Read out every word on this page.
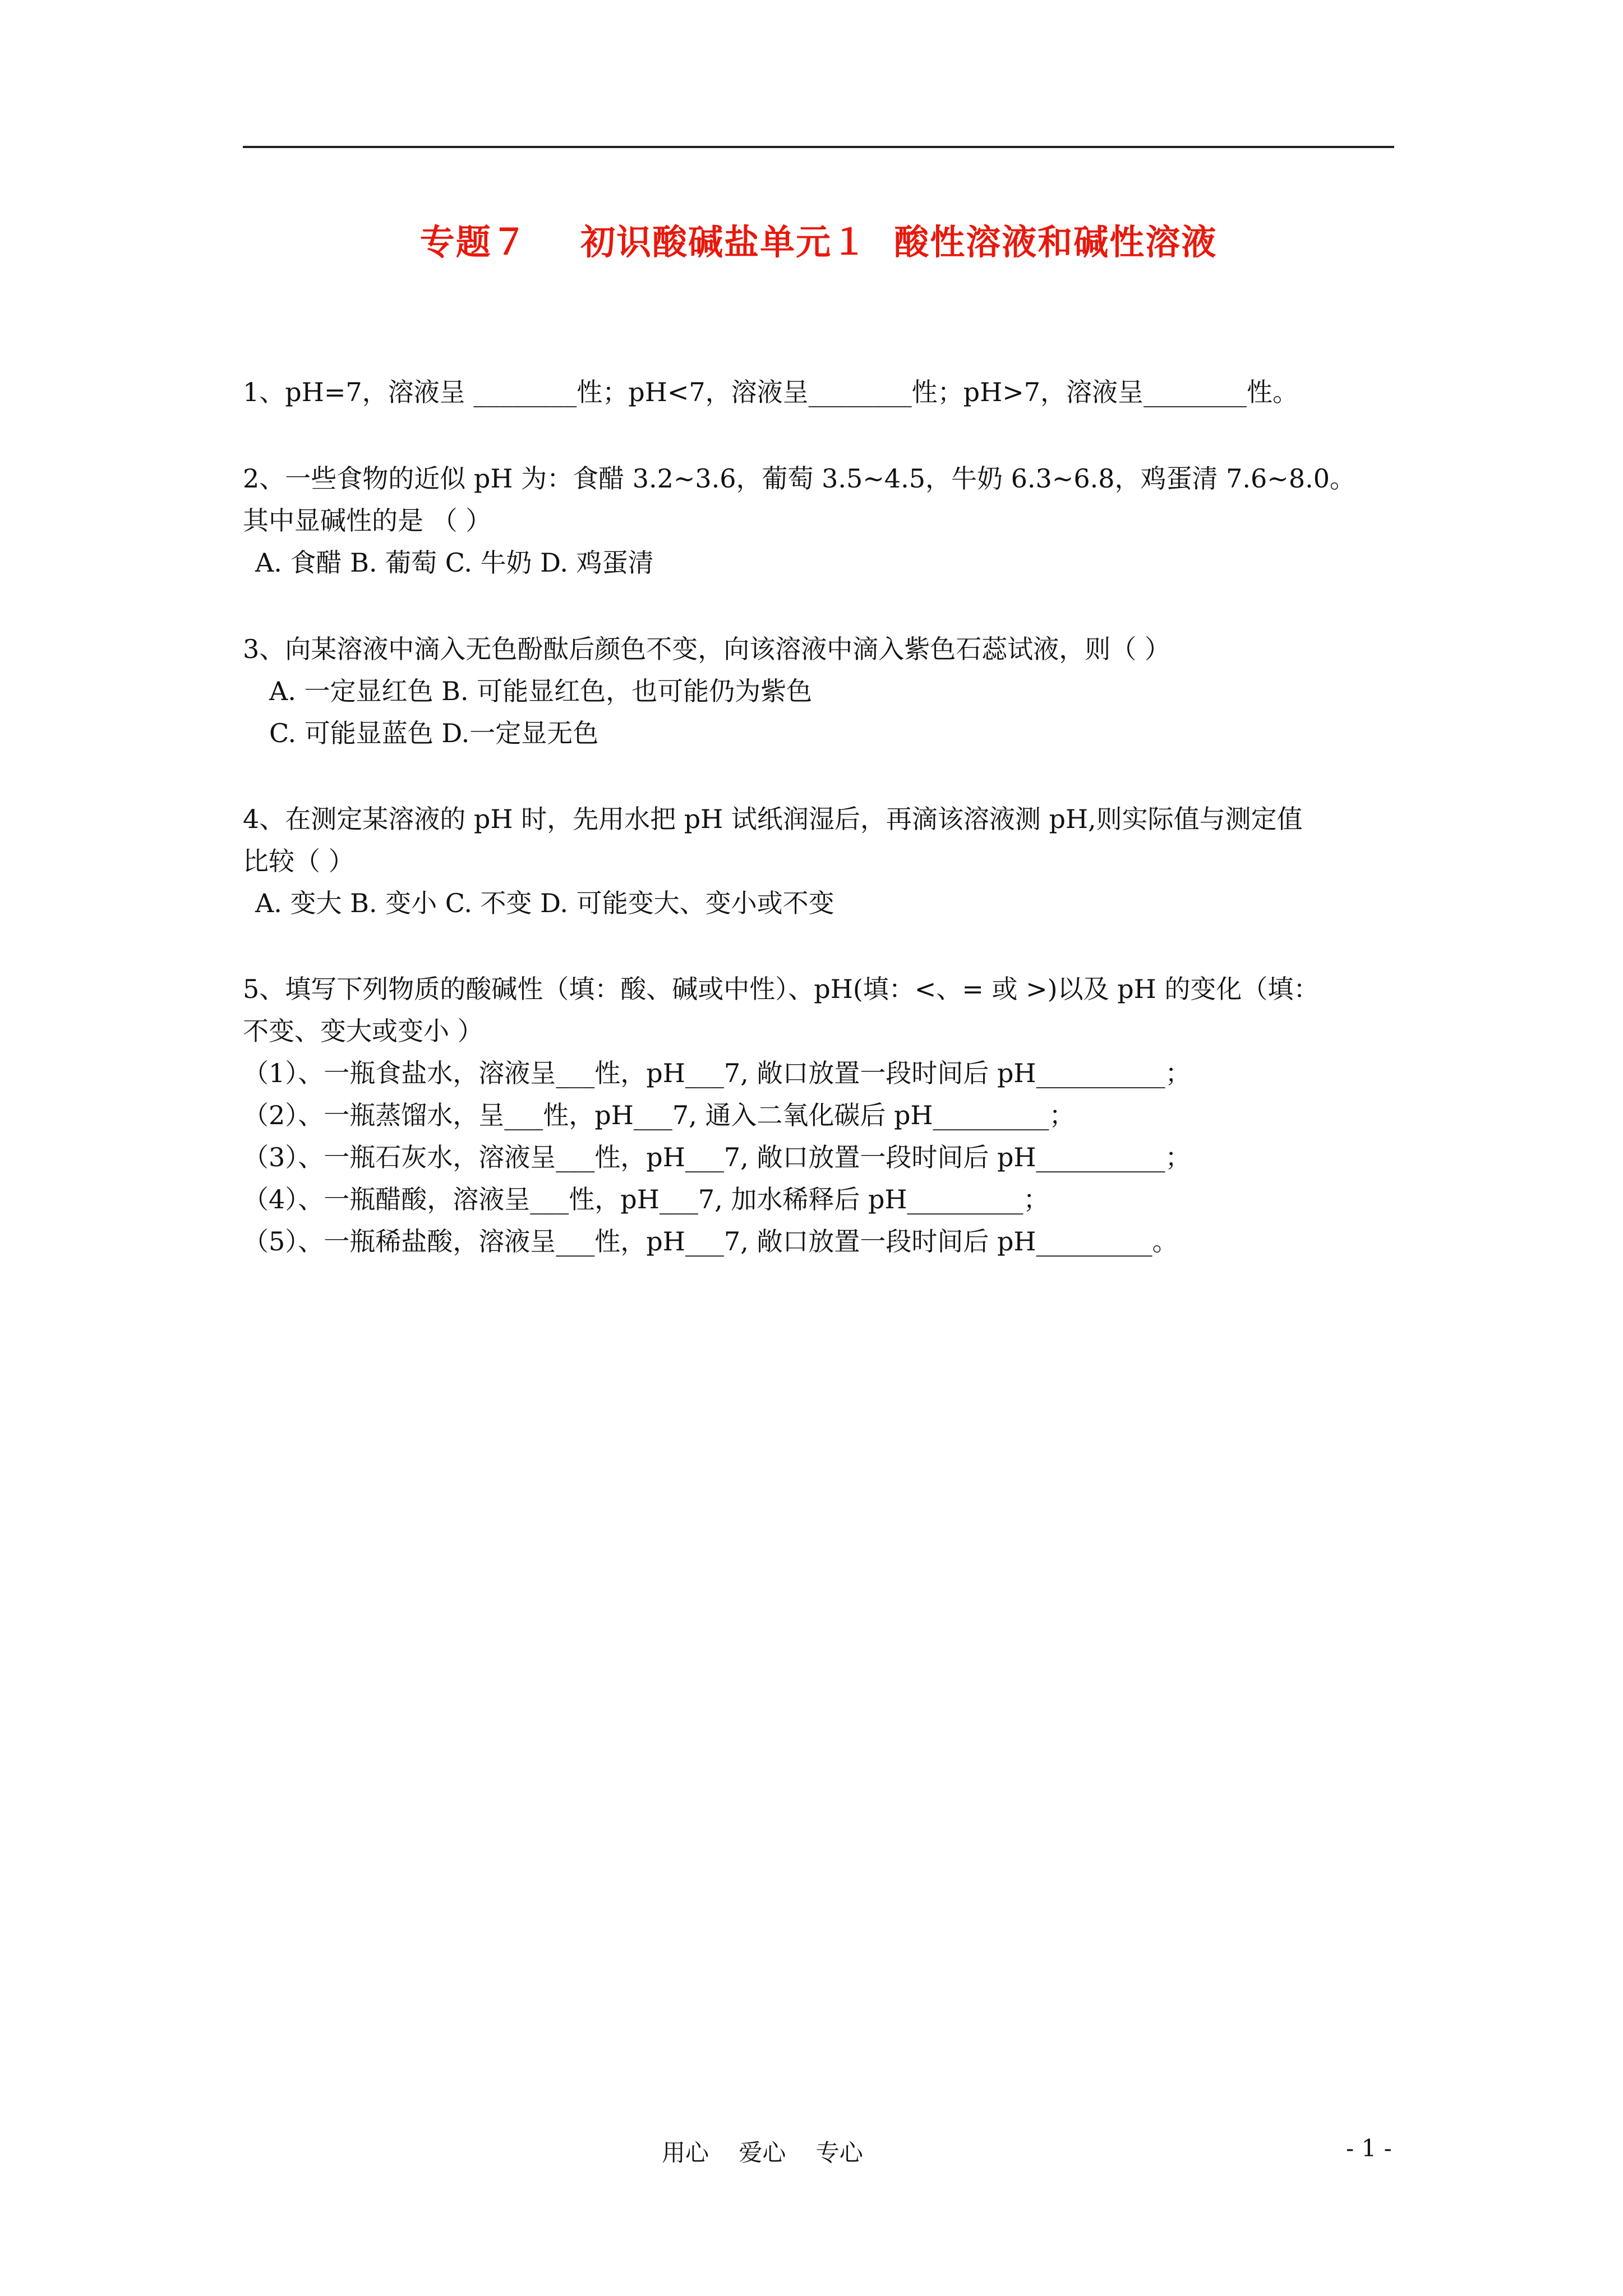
专题７    初识酸碱盐单元１  酸性溶液和碱性溶液
1、pH=7，溶液呈 ________性；pH<7，溶液呈________性；pH>7，溶液呈________性。
2、一些食物的近似 pH 为：食醋 3.2~3.6，葡萄 3.5~4.5，牛奶 6.3~6.8，鸡蛋清 7.6~8.0。
其中显碱性的是 （ ）
A. 食醋 B. 葡萄 C. 牛奶 D. 鸡蛋清
3、向某溶液中滴入无色酚酞后颜色不变，向该溶液中滴入紫色石蕊试液，则（ ）
A. 一定显红色 B. 可能显红色，也可能仍为紫色
C. 可能显蓝色 D.一定显无色
4、在测定某溶液的 pH 时，先用水把 pH 试纸润湿后，再滴该溶液测 pH,则实际值与测定值
比较（ ）
A. 变大 B. 变小 C. 不变 D. 可能变大、变小或不变
5、填写下列物质的酸碱性（填：酸、碱或中性）、pH(填：<、= 或 >)以及 pH 的变化（填：
不变、变大或变小 ）
（1）、一瓶食盐水，溶液呈___性，pH___7, 敞口放置一段时间后 pH__________；
（2）、一瓶蒸馏水，呈___性，pH___7, 通入二氧化碳后 pH_________；
（3）、一瓶石灰水，溶液呈___性，pH___7, 敞口放置一段时间后 pH__________；
（4）、一瓶醋酸，溶液呈___性，pH___7, 加水稀释后 pH_________；
（5）、一瓶稀盐酸，溶液呈___性，pH___7, 敞口放置一段时间后 pH_________。
用心    爱心    专心	- 1 -
